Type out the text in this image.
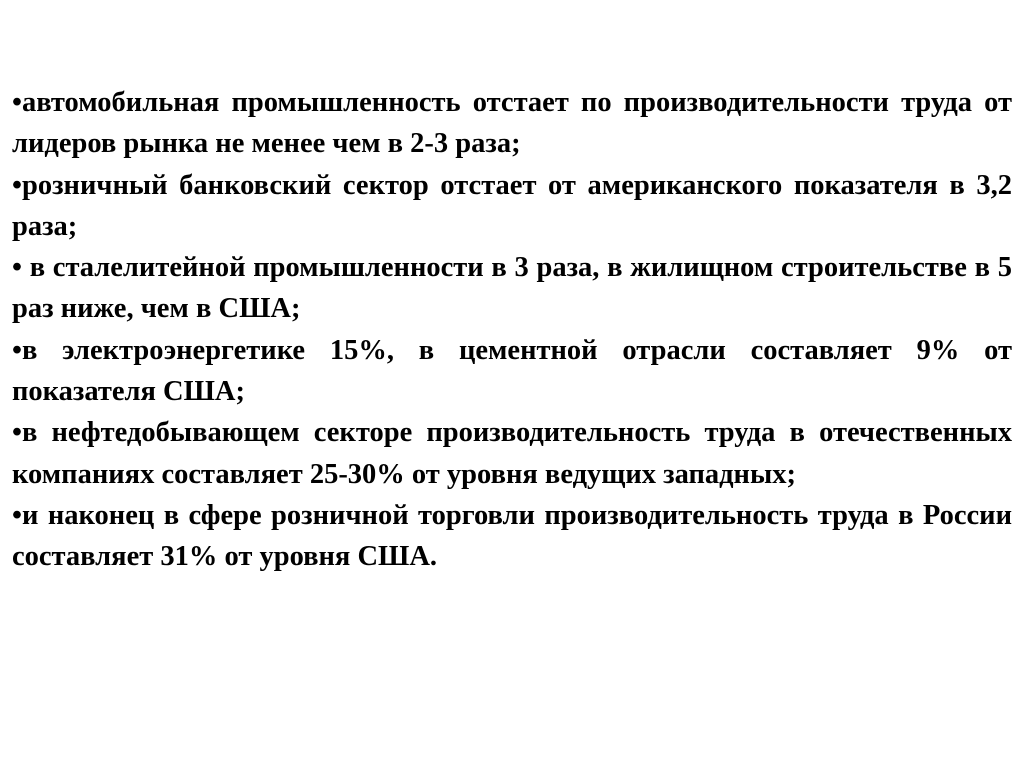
•автомобильная промышленность отстает по производительности труда от лидеров рынка не менее чем в 2-3 раза;
•розничный банковский сектор отстает от американского показателя в 3,2 раза;
• в сталелитейной промышленности в 3 раза, в жилищном строительстве в 5 раз ниже, чем в США;
•в электроэнергетике 15%, в цементной отрасли составляет 9% от показателя США;
•в нефтедобывающем секторе производительность труда в отечественных компаниях составляет 25-30% от уровня ведущих западных;
•и наконец в сфере розничной торговли производительность труда в России составляет 31% от уровня США.
